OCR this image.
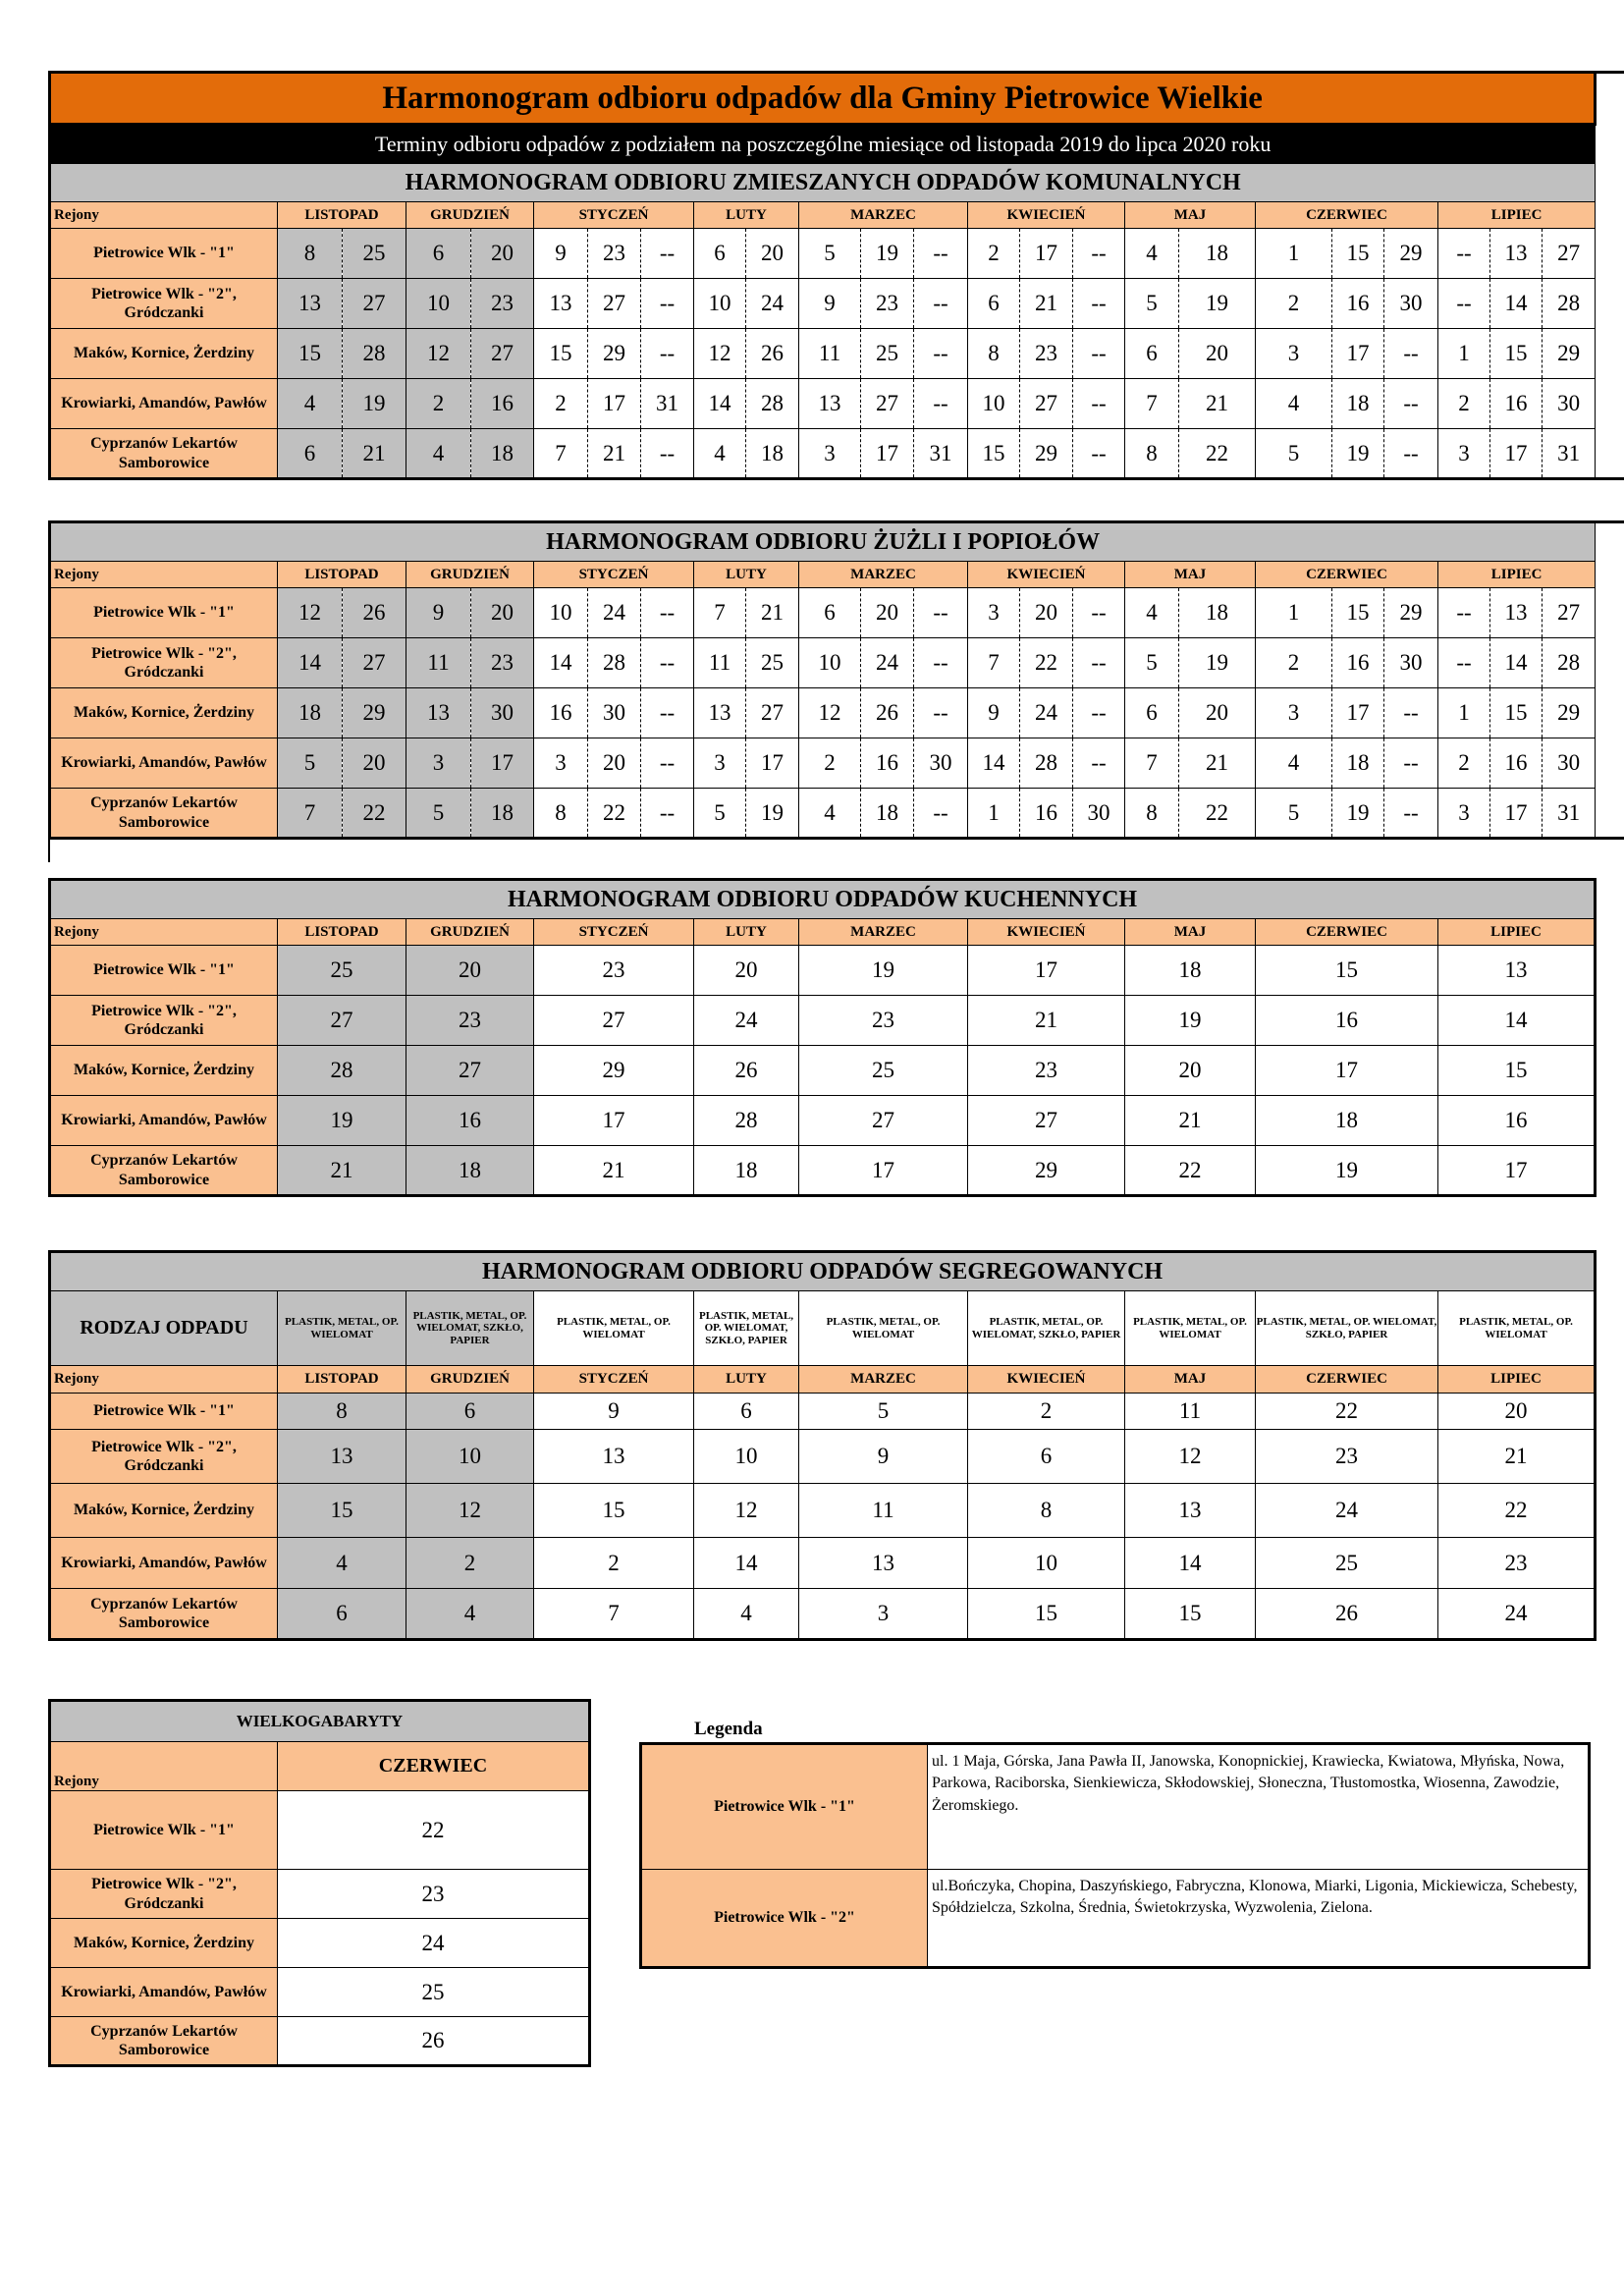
Harmonogram odbioru odpadów dla Gminy Pietrowice Wielkie																							
Terminy odbioru odpadów z podziałem na poszczególne miesiące od listopada 2019 do lipca 2020 roku																							
HARMONOGRAM ODBIORU ZMIESZANYCH ODPADÓW KOMUNALNYCH																							
Rejony	LISTOPAD		GRUDZIEŃ		STYCZEŃ			LUTY		MARZEC			KWIECIEŃ			MAJ		CZERWIEC			LIPIEC		
Pietrowice Wlk - "1"	8	25	6	20	9	23	--	6	20	5	19	--	2	17	--	4	18	1	15	29	--	13	27
Pietrowice Wlk - "2", Gródczanki	13	27	10	23	13	27	--	10	24	9	23	--	6	21	--	5	19	2	16	30	--	14	28
Maków, Kornice, Żerdziny	15	28	12	27	15	29	--	12	26	11	25	--	8	23	--	6	20	3	17	--	1	15	29
Krowiarki, Amandów, Pawłów	4	19	2	16	2	17	31	14	28	13	27	--	10	27	--	7	21	4	18	--	2	16	30
Cyprzanów Lekartów Samborowice	6	21	4	18	7	21	--	4	18	3	17	31	15	29	--	8	22	5	19	--	3	17	31
HARMONOGRAM ODBIORU ŻUŻLI I POPIOŁÓW																							
Rejony	LISTOPAD		GRUDZIEŃ		STYCZEŃ			LUTY		MARZEC			KWIECIEŃ			MAJ		CZERWIEC			LIPIEC		
Pietrowice Wlk - "1"	12	26	9	20	10	24	--	7	21	6	20	--	3	20	--	4	18	1	15	29	--	13	27
Pietrowice Wlk - "2", Gródczanki	14	27	11	23	14	28	--	11	25	10	24	--	7	22	--	5	19	2	16	30	--	14	28
Maków, Kornice, Żerdziny	18	29	13	30	16	30	--	13	27	12	26	--	9	24	--	6	20	3	17	--	1	15	29
Krowiarki, Amandów, Pawłów	5	20	3	17	3	20	--	3	17	2	16	30	14	28	--	7	21	4	18	--	2	16	30
Cyprzanów Lekartów Samborowice	7	22	5	18	8	22	--	5	19	4	18	--	1	16	30	8	22	5	19	--	3	17	31
HARMONOGRAM ODBIORU ODPADÓW KUCHENNYCH									
Rejony	LISTOPAD	GRUDZIEŃ	STYCZEŃ	LUTY	MARZEC	KWIECIEŃ	MAJ	CZERWIEC	LIPIEC
Pietrowice Wlk - "1"	25	20	23	20	19	17	18	15	13
Pietrowice Wlk - "2", Gródczanki	27	23	27	24	23	21	19	16	14
Maków, Kornice, Żerdziny	28	27	29	26	25	23	20	17	15
Krowiarki, Amandów, Pawłów	19	16	17	28	27	27	21	18	16
Cyprzanów Lekartów Samborowice	21	18	21	18	17	29	22	19	17
HARMONOGRAM ODBIORU ODPADÓW SEGREGOWANYCH									
RODZAJ ODPADU	PLASTIK, METAL, OP. WIELOMAT	PLASTIK, METAL, OP. WIELOMAT, SZKŁO, PAPIER	PLASTIK, METAL, OP. WIELOMAT	PLASTIK, METAL, OP. WIELOMAT, SZKŁO, PAPIER	PLASTIK, METAL, OP. WIELOMAT	PLASTIK, METAL, OP. WIELOMAT, SZKŁO, PAPIER	PLASTIK, METAL, OP. WIELOMAT	PLASTIK, METAL, OP. WIELOMAT, SZKŁO, PAPIER	PLASTIK, METAL, OP. WIELOMAT
Rejony	LISTOPAD	GRUDZIEŃ	STYCZEŃ	LUTY	MARZEC	KWIECIEŃ	MAJ	CZERWIEC	LIPIEC
Pietrowice Wlk - "1"	8	6	9	6	5	2	11	22	20
Pietrowice Wlk - "2", Gródczanki	13	10	13	10	9	6	12	23	21
Maków, Kornice, Żerdziny	15	12	15	12	11	8	13	24	22
Krowiarki, Amandów, Pawłów	4	2	2	14	13	10	14	25	23
Cyprzanów Lekartów Samborowice	6	4	7	4	3	15	15	26	24
WIELKOGABARYTY	
Rejony	CZERWIEC
Pietrowice Wlk - "1"	22
Pietrowice Wlk - "2", Gródczanki	23
Maków, Kornice, Żerdziny	24
Krowiarki, Amandów, Pawłów	25
Cyprzanów Lekartów Samborowice	26
Legenda
Pietrowice Wlk - "1"	ul. 1 Maja, Górska, Jana Pawła II, Janowska, Konopnickiej, Krawiecka, Kwiatowa, Młyńska, Nowa, Parkowa, Raciborska, Sienkiewicza, Skłodowskiej, Słoneczna, Tłustomostka, Wiosenna, Zawodzie, Żeromskiego.
Pietrowice Wlk - "2"	ul.Bończyka, Chopina, Daszyńskiego, Fabryczna, Klonowa, Miarki, Ligonia, Mickiewicza, Schebesty, Spółdzielcza, Szkolna, Średnia, Świetokrzyska, Wyzwolenia, Zielona.
